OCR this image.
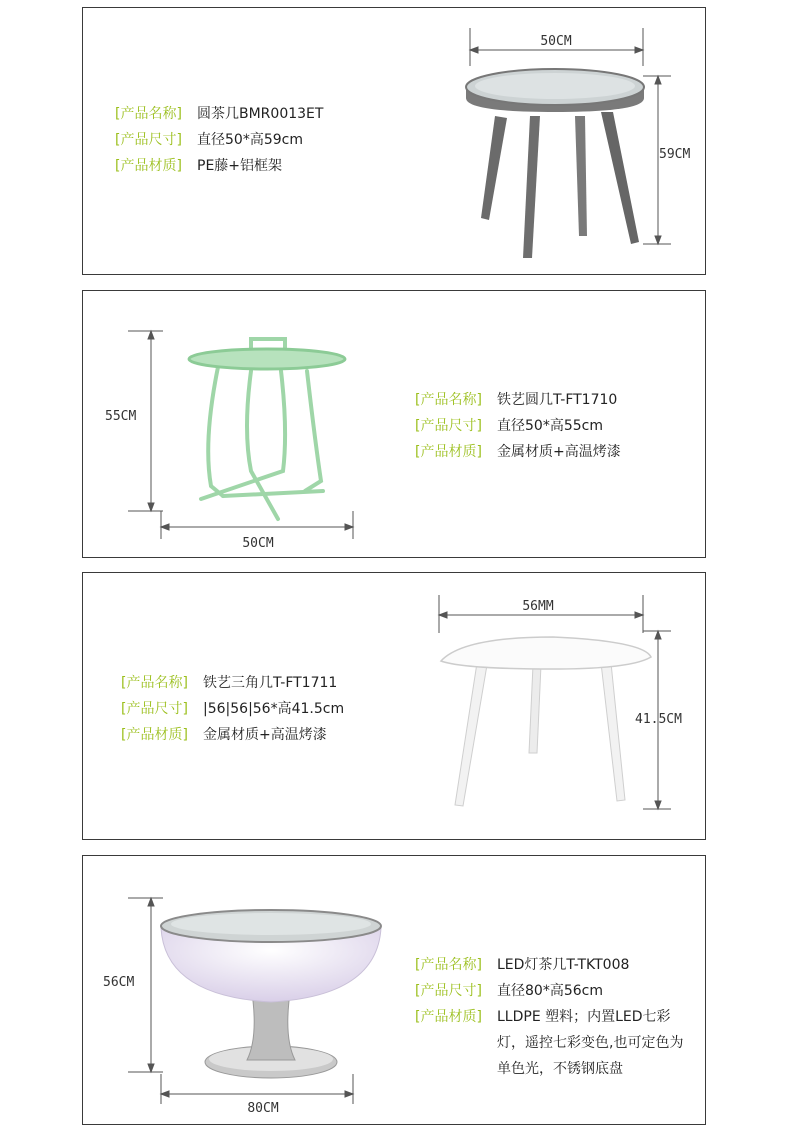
[产品名称]	圆茶几BMR0013ET
[产品尺寸]	直径50*高59cm
[产品材质]	PE藤+铝框架
50CM
59CM
55CM
50CM
[产品名称]	铁艺圆几T-FT1710
[产品尺寸]	直径50*高55cm
[产品材质]	金属材质+高温烤漆
[产品名称]	铁艺三角几T-FT1711
[产品尺寸]	|56|56|56*高41.5cm
[产品材质]	金属材质+高温烤漆
56MM
41.5CM
56CM
80CM
[产品名称]	LED灯茶几T-TKT008
[产品尺寸]	直径80*高56cm
[产品材质]	LLDPE 塑料；内置LED七彩灯，遥控七彩变色,也可定色为单色光，不锈钢底盘
